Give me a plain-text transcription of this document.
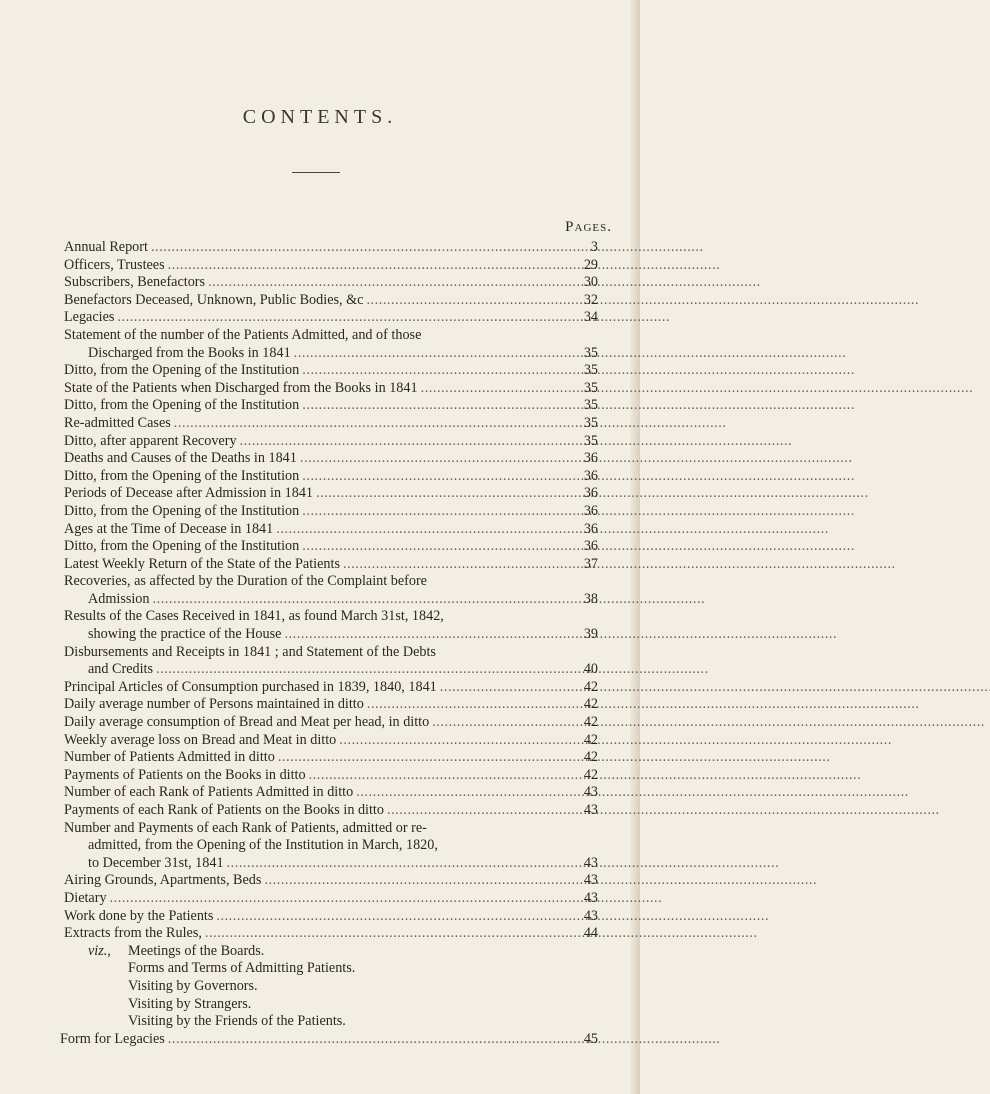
CONTENTS.
Pages.
Annual Report . . .	3
Officers, Trustees . . .	29
Subscribers, Benefactors . . .	30
Benefactors Deceased, Unknown, Public Bodies, &c . . .	32
Legacies . . .	34
Statement of the number of the Patients Admitted, and of those
Discharged from the Books in 1841 . . .	35
Ditto, from the Opening of the Institution . . .	35
State of the Patients when Discharged from the Books in 1841 . . .	35
Ditto, from the Opening of the Institution . . .	35
Re-admitted Cases . . .	35
Ditto, after apparent Recovery . . .	35
Deaths and Causes of the Deaths in 1841 . . .	36
Ditto, from the Opening of the Institution . . .	36
Periods of Decease after Admission in 1841 . . .	36
Ditto, from the Opening of the Institution . . .	36
Ages at the Time of Decease in 1841 . . .	36
Ditto, from the Opening of the Institution . . .	36
Latest Weekly Return of the State of the Patients . . .	37
Recoveries, as affected by the Duration of the Complaint before
Admission . . .	38
Results of the Cases Received in 1841, as found March 31st, 1842,
showing the practice of the House . . .	39
Disbursements and Receipts in 1841 ; and Statement of the Debts
and Credits . . .	40
Principal Articles of Consumption purchased in 1839, 1840, 1841 . . .	42
Daily average number of Persons maintained in ditto . . .	42
Daily average consumption of Bread and Meat per head, in ditto . . .	42
Weekly average loss on Bread and Meat in ditto . . .	42
Number of Patients Admitted in ditto . . .	42
Payments of Patients on the Books in ditto . . .	42
Number of each Rank of Patients Admitted in ditto . . .	43
Payments of each Rank of Patients on the Books in ditto . . .	43
Number and Payments of each Rank of Patients, admitted or re-
admitted, from the Opening of the Institution in March, 1820,
to December 31st, 1841 . . .	43
Airing Grounds, Apartments, Beds . . .	43
Dietary . . .	43
Work done by the Patients . . .	43
Extracts from the Rules, . . .	44
viz.,	Meetings of the Boards.
Forms and Terms of Admitting Patients.
Visiting by Governors.
Visiting by Strangers.
Visiting by the Friends of the Patients.
Form for Legacies . . .	45
